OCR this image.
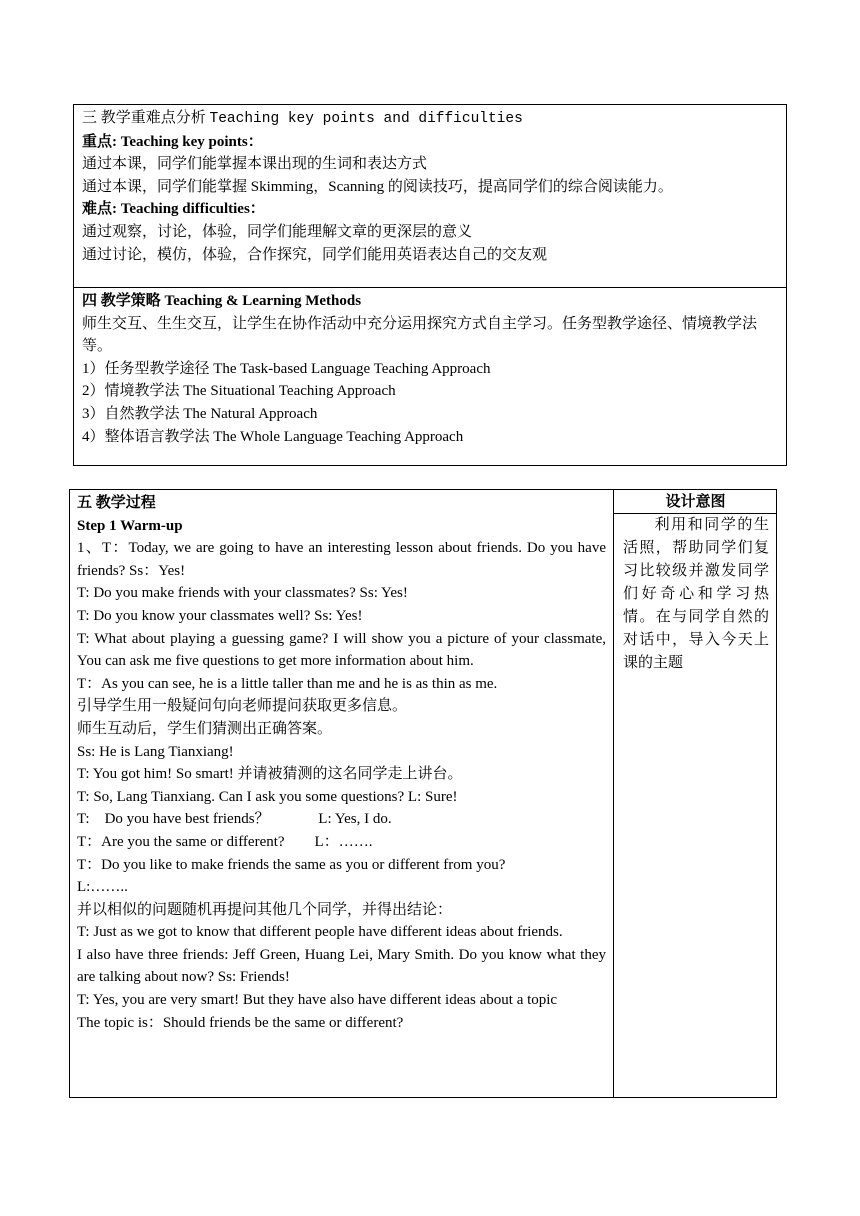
三 教学重难点分析 Teaching key points and difficulties
重点: Teaching key points：
通过本课，同学们能掌握本课出现的生词和表达方式
通过本课，同学们能掌握 Skimming，Scanning 的阅读技巧，提高同学们的综合阅读能力。
难点: Teaching difficulties：
通过观察，讨论，体验，同学们能理解文章的更深层的意义
通过讨论，模仿，体验，合作探究，同学们能用英语表达自己的交友观
四 教学策略 Teaching & Learning Methods
师生交互、生生交互，让学生在协作活动中充分运用探究方式自主学习。任务型教学途径、情境教学法等。
1）任务型教学途径 The Task-based Language Teaching Approach
2）情境教学法 The Situational Teaching Approach
3）自然教学法 The Natural Approach
4）整体语言教学法 The Whole Language Teaching Approach
五 教学过程
Step 1 Warm-up
1、T：Today, we are going to have an interesting lesson about friends. Do you have friends? Ss：Yes!
T: Do you make friends with your classmates? Ss: Yes!
T: Do you know your classmates well? Ss: Yes!
T: What about playing a guessing game? I will show you a picture of your classmate, You can ask me five questions to get more information about him.
T：As you can see, he is a little taller than me and he is as thin as me.
引导学生用一般疑问句向老师提问获取更多信息。
师生互动后，学生们猜测出正确答案。
Ss: He is Lang Tianxiang!
T: You got him! So smart! 并请被猜测的这名同学走上讲台。
T: So, Lang Tianxiang. Can I ask you some questions? L: Sure!
T:    Do you have best friends？             L: Yes, I do.
T：Are you the same or different?        L：…….
T：Do you like to make friends the same as you or different from you?
L:……..
并以相似的问题随机再提问其他几个同学，并得出结论：
T: Just as we got to know that different people have different ideas about friends.
I also have three friends: Jeff Green, Huang Lei, Mary Smith. Do you know what they are talking about now? Ss: Friends!
T: Yes, you are very smart! But they have also have different ideas about a topic
The topic is：Should friends be the same or different?
设计意图
利用和同学的生活照，帮助同学们复习比较级并激发同学们好奇心和学习热情。在与同学自然的对话中，导入今天上课的主题
